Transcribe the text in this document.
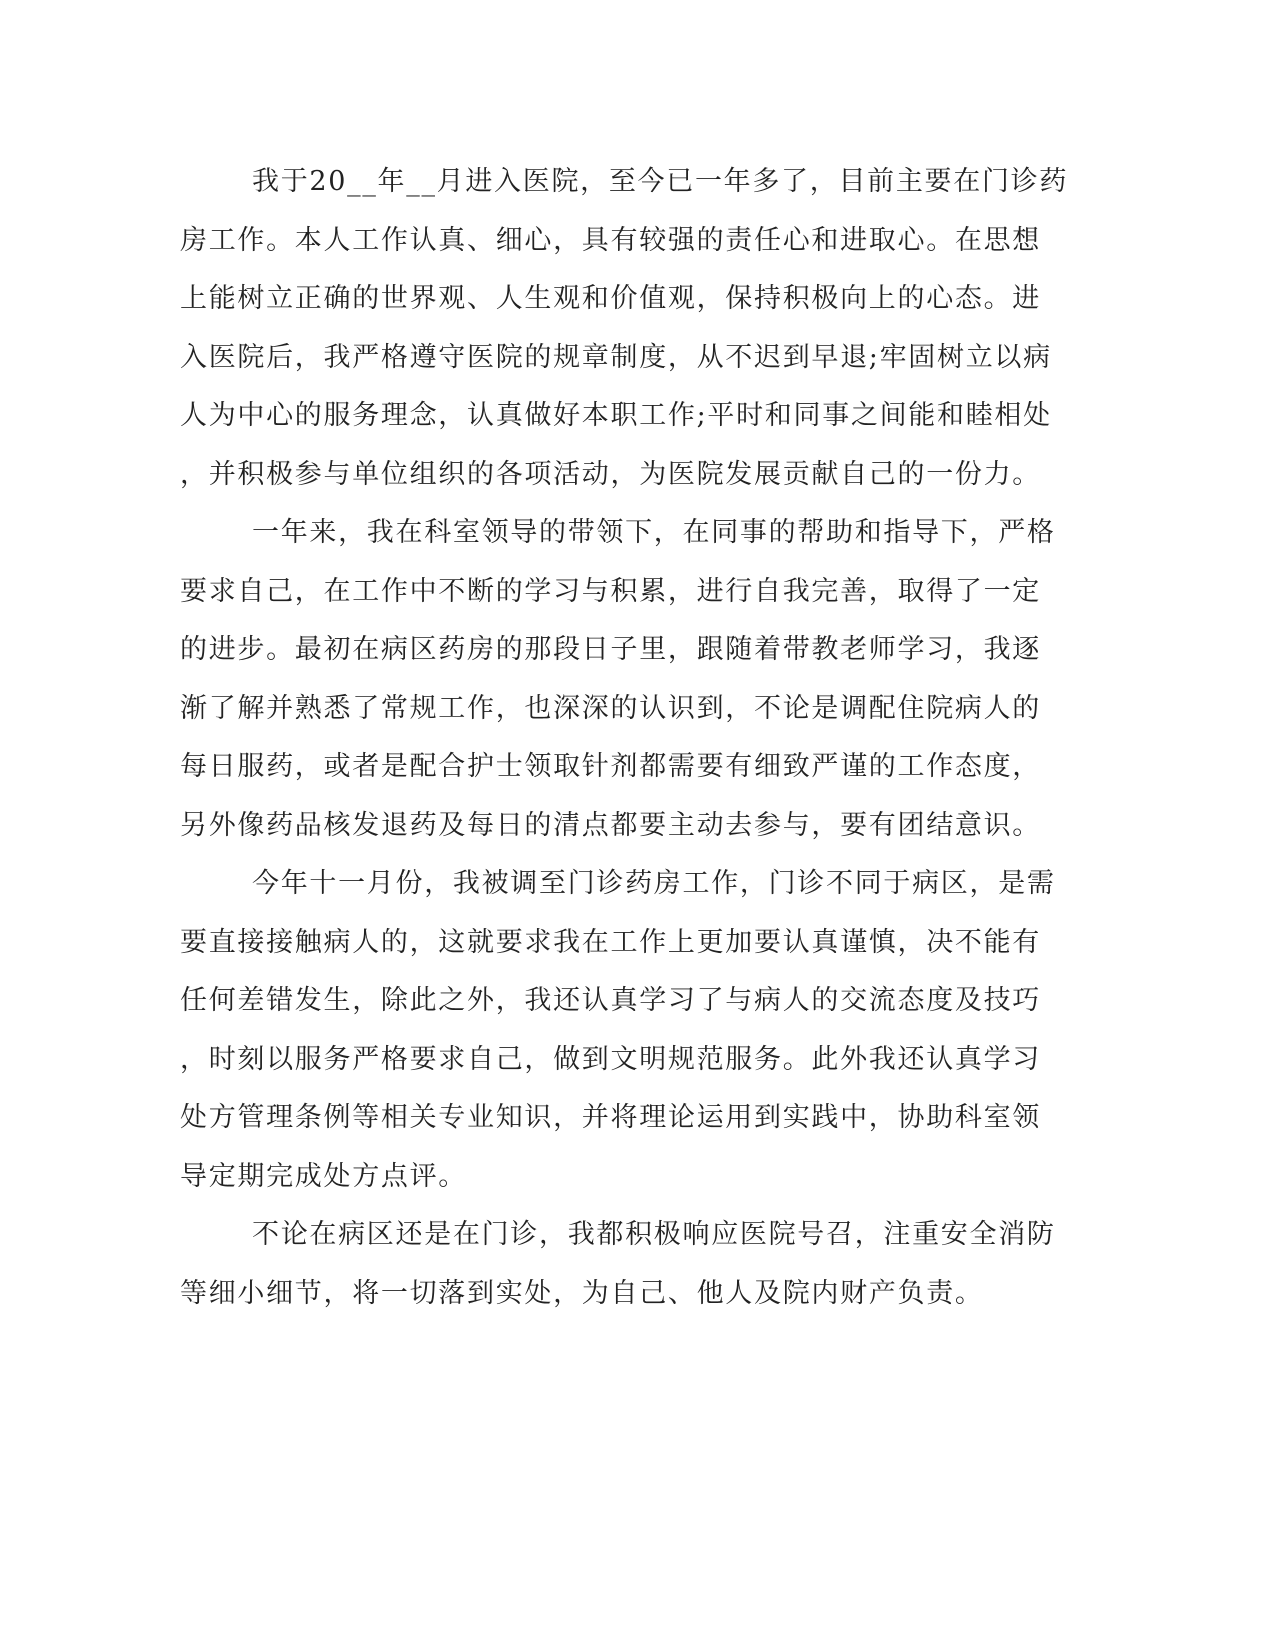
我于20__年__月进入医院，至今已一年多了，目前主要在门诊药
房工作。本人工作认真、细心，具有较强的责任心和进取心。在思想
上能树立正确的世界观、人生观和价值观，保持积极向上的心态。进
入医院后，我严格遵守医院的规章制度，从不迟到早退;牢固树立以病
人为中心的服务理念，认真做好本职工作;平时和同事之间能和睦相处
，并积极参与单位组织的各项活动，为医院发展贡献自己的一份力。
一年来，我在科室领导的带领下，在同事的帮助和指导下，严格
要求自己，在工作中不断的学习与积累，进行自我完善，取得了一定
的进步。最初在病区药房的那段日子里，跟随着带教老师学习，我逐
渐了解并熟悉了常规工作，也深深的认识到，不论是调配住院病人的
每日服药，或者是配合护士领取针剂都需要有细致严谨的工作态度，
另外像药品核发退药及每日的清点都要主动去参与，要有团结意识。
今年十一月份，我被调至门诊药房工作，门诊不同于病区，是需
要直接接触病人的，这就要求我在工作上更加要认真谨慎，决不能有
任何差错发生，除此之外，我还认真学习了与病人的交流态度及技巧
，时刻以服务严格要求自己，做到文明规范服务。此外我还认真学习
处方管理条例等相关专业知识，并将理论运用到实践中，协助科室领
导定期完成处方点评。
不论在病区还是在门诊，我都积极响应医院号召，注重安全消防
等细小细节，将一切落到实处，为自己、他人及院内财产负责。
